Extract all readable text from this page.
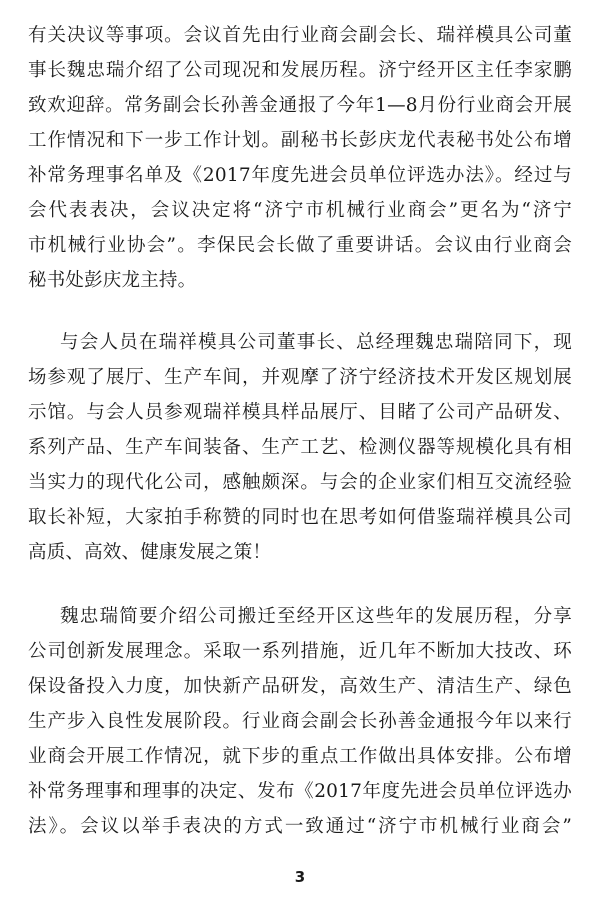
有关决议等事项。会议首先由行业商会副会长、瑞祥模具公司董
事长魏忠瑞介绍了公司现况和发展历程。济宁经开区主任李家鹏
致欢迎辞。常务副会长孙善金通报了今年1—8月份行业商会开展
工作情况和下一步工作计划。副秘书长彭庆龙代表秘书处公布增
补常务理事名单及《2017年度先进会员单位评选办法》。经过与
会代表表决，会议决定将“济宁市机械行业商会”更名为“济宁
市机械行业协会”。李保民会长做了重要讲话。会议由行业商会
秘书处彭庆龙主持。
与会人员在瑞祥模具公司董事长、总经理魏忠瑞陪同下，现
场参观了展厅、生产车间，并观摩了济宁经济技术开发区规划展
示馆。与会人员参观瑞祥模具样品展厅、目睹了公司产品研发、
系列产品、生产车间装备、生产工艺、检测仪器等规模化具有相
当实力的现代化公司，感触颇深。与会的企业家们相互交流经验
取长补短，大家拍手称赞的同时也在思考如何借鉴瑞祥模具公司
高质、高效、健康发展之策！
魏忠瑞简要介绍公司搬迁至经开区这些年的发展历程，分享
公司创新发展理念。采取一系列措施，近几年不断加大技改、环
保设备投入力度，加快新产品研发，高效生产、清洁生产、绿色
生产步入良性发展阶段。行业商会副会长孙善金通报今年以来行
业商会开展工作情况，就下步的重点工作做出具体安排。公布增
补常务理事和理事的决定、发布《2017年度先进会员单位评选办
法》。会议以举手表决的方式一致通过“济宁市机械行业商会”
3
